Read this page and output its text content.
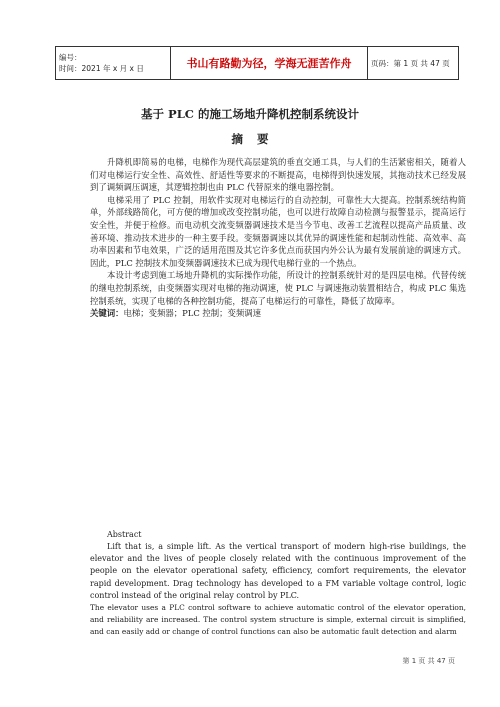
编号：
时间：2021 年 x 月 x 日	书山有路勤为径，学海无涯苦作舟	页码：第 1 页 共 47 页
基于 PLC 的施工场地升降机控制系统设计
摘要

升降机即简易的电梯，电梯作为现代高层建筑的垂直交通工具，与人们的生活紧密相关，随着人们对电梯运行安全性、高效性、舒适性等要求的不断提高，电梯得到快速发展，其拖动技术已经发展到了调频调压调速，其逻辑控制也由 PLC 代替原来的继电器控制。

电梯采用了 PLC 控制，用软件实现对电梯运行的自动控制，可靠性大大提高。控制系统结构简单，外部线路简化，可方便的增加或改变控制功能，也可以进行故障自动检测与报警显示，提高运行安全性，并便于检修。而电动机交流变频器调速技术是当今节电、改善工艺流程以提高产品质量、改善环境、推动技术进步的一种主要手段。变频器调速以其优异的调速性能和起制动性能、高效率、高功率因素和节电效果，广泛的适用范围及其它许多优点而获国内外公认为最有发展前途的调速方式。因此，PLC 控制技术加变频器调速技术已成为现代电梯行业的一个热点。

本设计考虑到施工场地升降机的实际操作功能，所设计的控制系统针对的是四层电梯。代替传统的继电控制系统，由变频器实现对电梯的拖动调速，使 PLC 与调速拖动装置相结合，构成 PLC 集选控制系统，实现了电梯的各种控制功能，提高了电梯运行的可靠性，降低了故障率。

关键词：电梯；变频器；PLC 控制；变频调速

Abstract

Lift that is, a simple lift. As the vertical transport of modern high-rise buildings, the elevator and the lives of people closely related with the continuous improvement of the people on the elevator operational safety, efficiency, comfort requirements, the elevator rapid development. Drag technology has developed to a FM variable voltage control, logic control instead of the original relay control by PLC.

The elevator uses a PLC control software to achieve automatic control of the elevator operation, and reliability are increased. The control system structure is simple, external circuit is simplified, and can easily add or change of control functions can also be automatic fault detection and alarm

第 1 页 共 47 页
